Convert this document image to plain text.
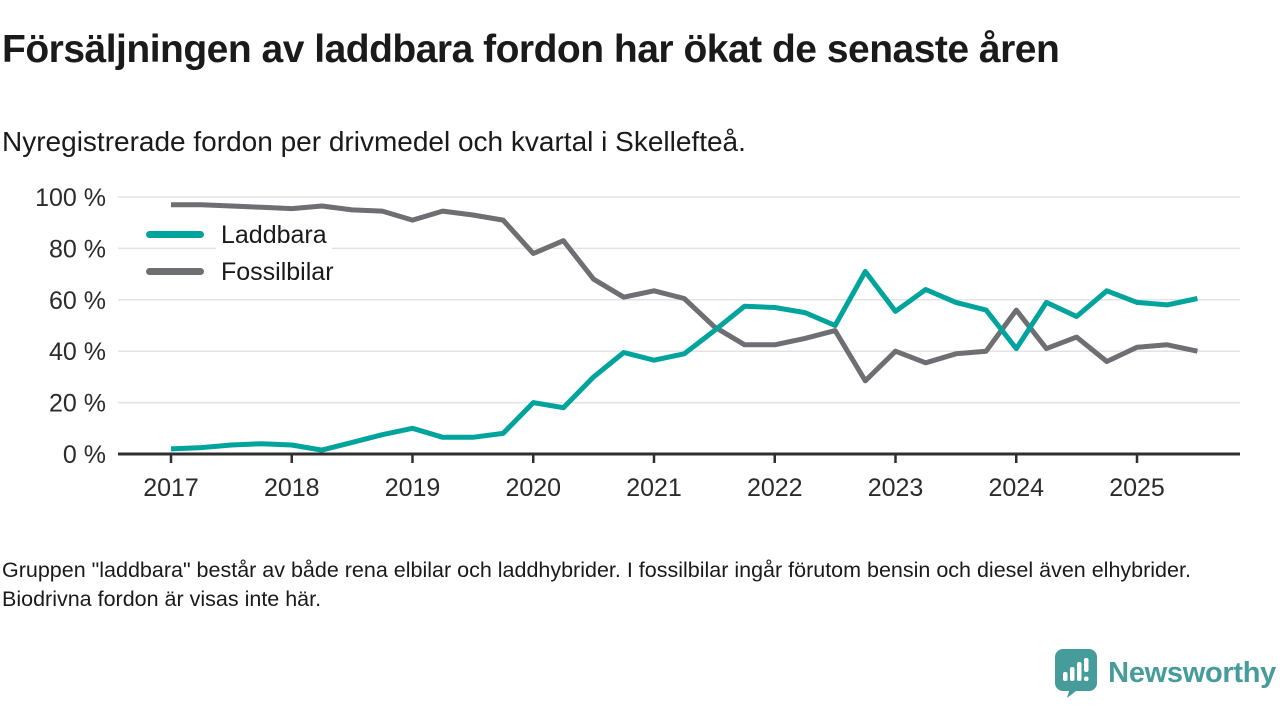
Försäljningen av laddbara fordon har ökat de senaste åren

Nyregistrerade fordon per drivmedel och kvartal i Skellefteå.

100 %
80 %
60 %
40 %
20 %
0 %
2017	2018	2019	2020	2021	2022	2023	2024	2025
Laddbara
Fossilbilar

Gruppen "laddbara" består av både rena elbilar och laddhybrider. I fossilbilar ingår förutom bensin och diesel även elhybrider. Biodrivna fordon är visas inte här.

Newsworthy
